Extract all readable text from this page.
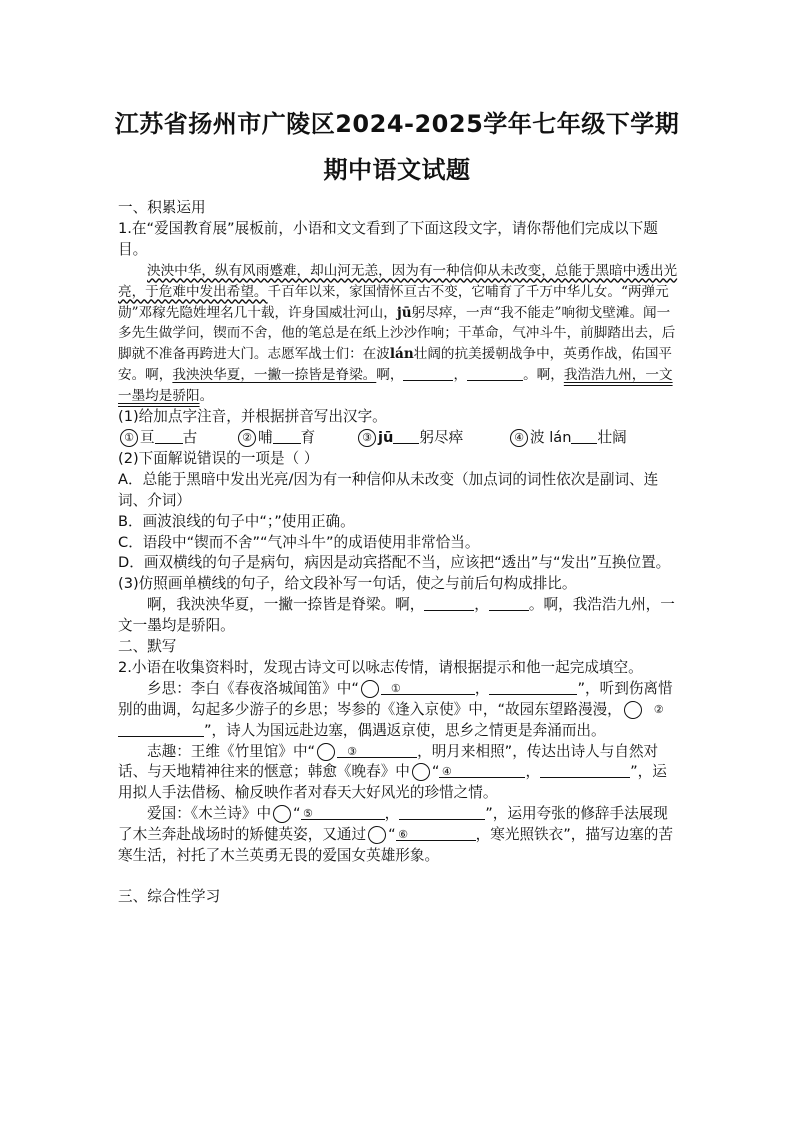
江苏省扬州市广陵区2024-2025学年七年级下学期
期中语文试题

一、积累运用

1.在“爱国教育展”展板前，小语和文文看到了下面这段文字，请你帮他们完成以下题目。

泱泱中华，纵有风雨蹙难，却山河无恙，因为有一种信仰从未改变，总能于黑暗中透出光亮，于危难中发出希望。千百年以来，家国情怀亘古不变，它哺育了千万中华儿女。“两弹元勋”邓稼先隐姓埋名几十载，许身国威壮河山，jū躬尽瘁，一声“我不能走”响彻戈壁滩。闻一多先生做学问，锲而不舍，他的笔总是在纸上沙沙作响；干革命，气冲斗牛，前脚踏出去，后脚就不准备再跨进大门。志愿军战士们：在波lán壮阔的抗美援朝战争中，英勇作战，佑国平安。啊，我泱泱华夏，一撇一捺皆是脊梁。啊，	，	。啊，我浩浩九州，一文一墨均是骄阳。

(1)给加点字注音，并根据拼音写出汉字。

① 亘 古	② 哺 育	③ jū 躬尽瘁	④ 波 lán 壮阔

(2)下面解说错误的一项是（ ）

A．总能于黑暗中发出光亮/因为有一种信仰从未改变（加点词的词性依次是副词、连词、介词）

B．画波浪线的句子中“；”使用正确。

C．语段中“锲而不舍”“气冲斗牛”的成语使用非常恰当。

D．画双横线的句子是病句，病因是动宾搭配不当，应该把“透出”与“发出”互换位置。

(3)仿照画单横线的句子，给文段补写一句话，使之与前后句构成排比。

啊，我泱泱华夏，一撇一捺皆是脊梁。啊，	，	。啊，我浩浩九州，一文一墨均是骄阳。

二、默写

2.小语在收集资料时，发现古诗文可以咏志传情，请根据提示和他一起完成填空。

乡思：李白《春夜洛城闻笛》中“	①	，	”，听到伤离惜别的曲调，勾起多少游子的乡思；岑参的《逢入京使》中，“故园东望路漫漫，	②”，诗人为国远赴边塞，偶遇返京使，思乡之情更是奔涌而出。

志趣：王维《竹里馆》中“	③	，明月来相照”，传达出诗人与自然对话、与天地精神往来的惬意；韩愈《晚春》中	④“	，	”，运用拟人手法借杨、榆反映作者对春天大好风光的珍惜之情。

爱国：《木兰诗》中	⑤“	，	”，运用夸张的修辞手法展现了木兰奔赴战场时的矫健英姿，又通过	⑥“	，寒光照铁衣”，描写边塞的苦寒生活，衬托了木兰英勇无畏的爱国女英雄形象。

三、综合性学习
